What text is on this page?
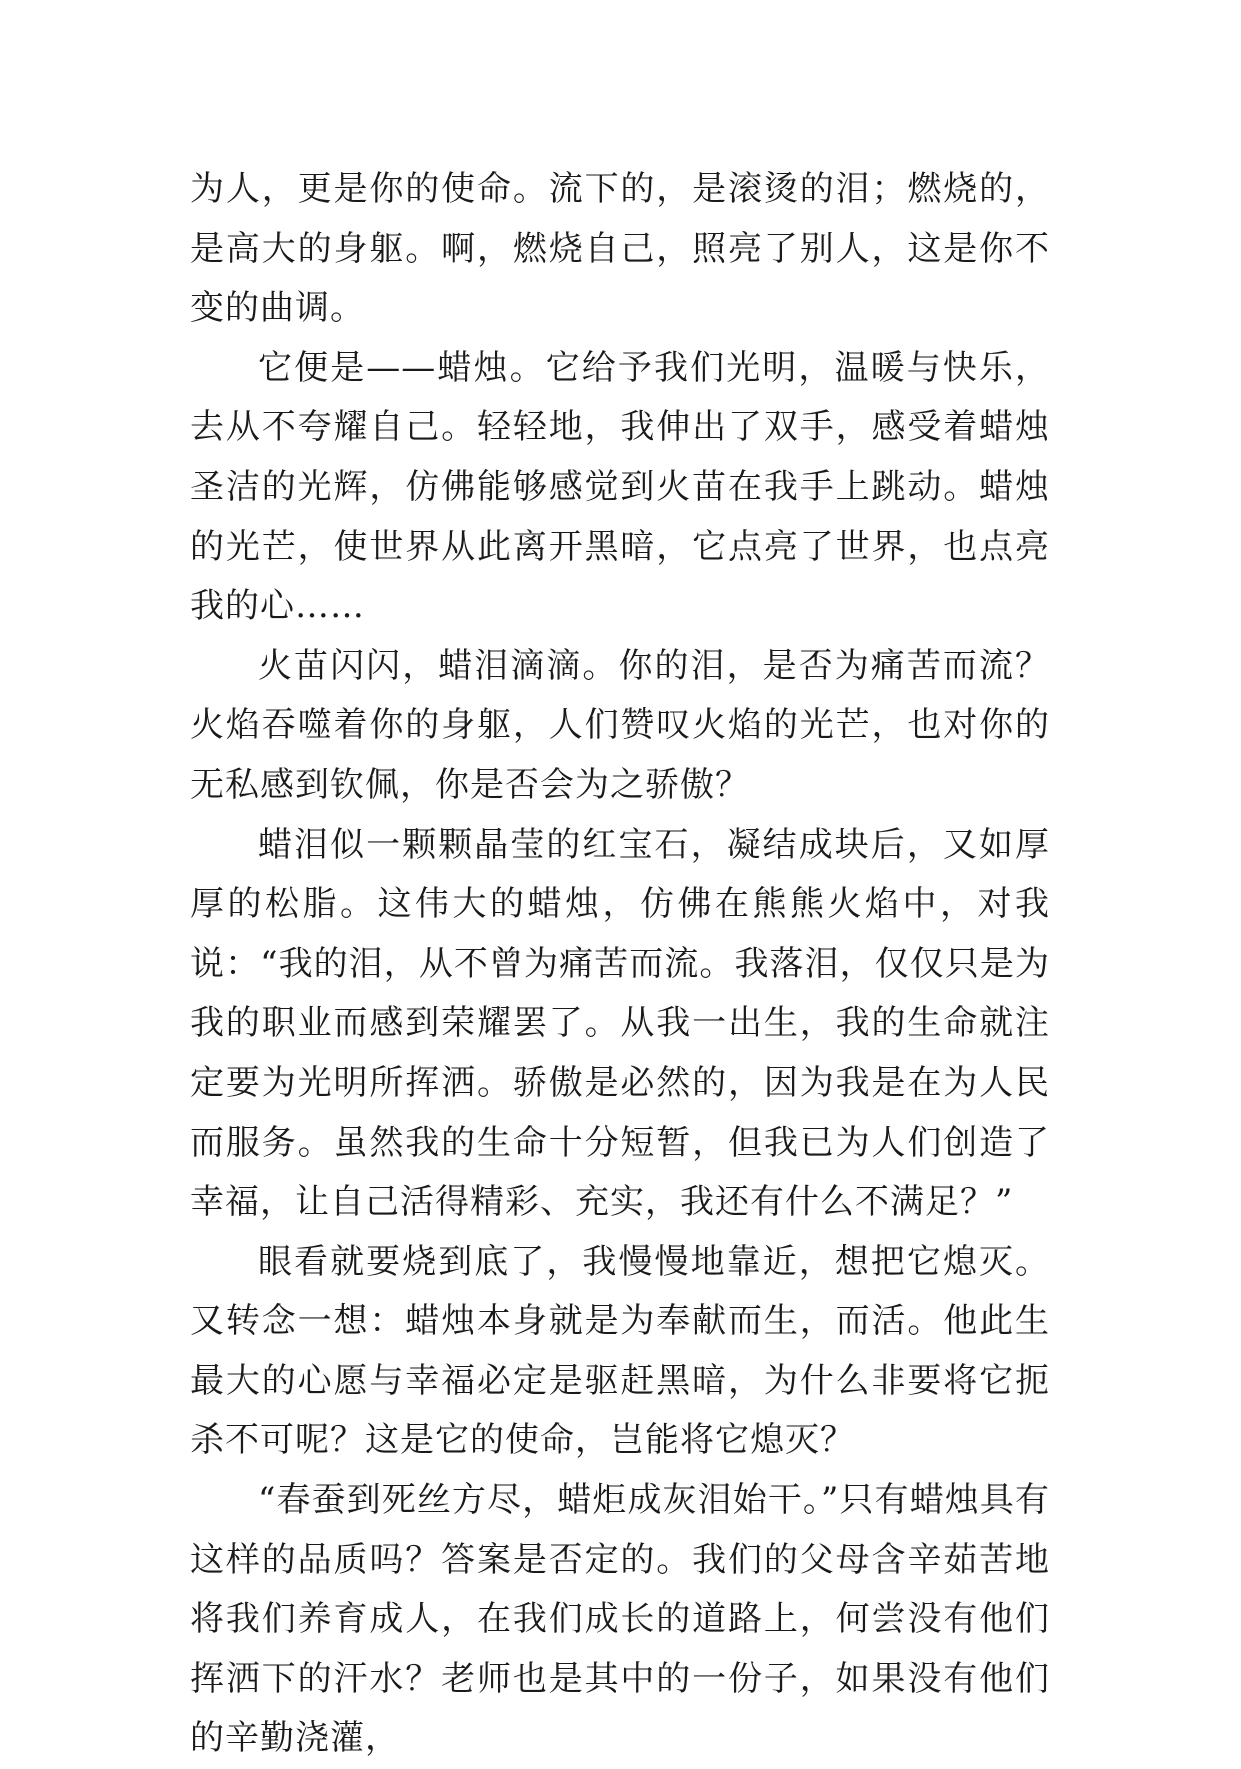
为人，更是你的使命。流下的，是滚烫的泪；燃烧的，是高大的身躯。啊，燃烧自己，照亮了别人，这是你不变的曲调。

它便是——蜡烛。它给予我们光明，温暖与快乐，去从不夸耀自己。轻轻地，我伸出了双手，感受着蜡烛圣洁的光辉，仿佛能够感觉到火苗在我手上跳动。蜡烛的光芒，使世界从此离开黑暗，它点亮了世界，也点亮我的心……

火苗闪闪，蜡泪滴滴。你的泪，是否为痛苦而流？火焰吞噬着你的身躯，人们赞叹火焰的光芒，也对你的无私感到钦佩，你是否会为之骄傲？

蜡泪似一颗颗晶莹的红宝石，凝结成块后，又如厚厚的松脂。这伟大的蜡烛，仿佛在熊熊火焰中，对我说：“我的泪，从不曾为痛苦而流。我落泪，仅仅只是为我的职业而感到荣耀罢了。从我一出生，我的生命就注定要为光明所挥洒。骄傲是必然的，因为我是在为人民而服务。虽然我的生命十分短暂，但我已为人们创造了幸福，让自己活得精彩、充实，我还有什么不满足？”

眼看就要烧到底了，我慢慢地靠近，想把它熄灭。又转念一想：蜡烛本身就是为奉献而生，而活。他此生最大的心愿与幸福必定是驱赶黑暗，为什么非要将它扼杀不可呢？这是它的使命，岂能将它熄灭？

“春蚕到死丝方尽，蜡炬成灰泪始干。”只有蜡烛具有这样的品质吗？答案是否定的。我们的父母含辛茹苦地将我们养育成人，在我们成长的道路上，何尝没有他们挥洒下的汗水？老师也是其中的一份子，如果没有他们的辛勤浇灌，
